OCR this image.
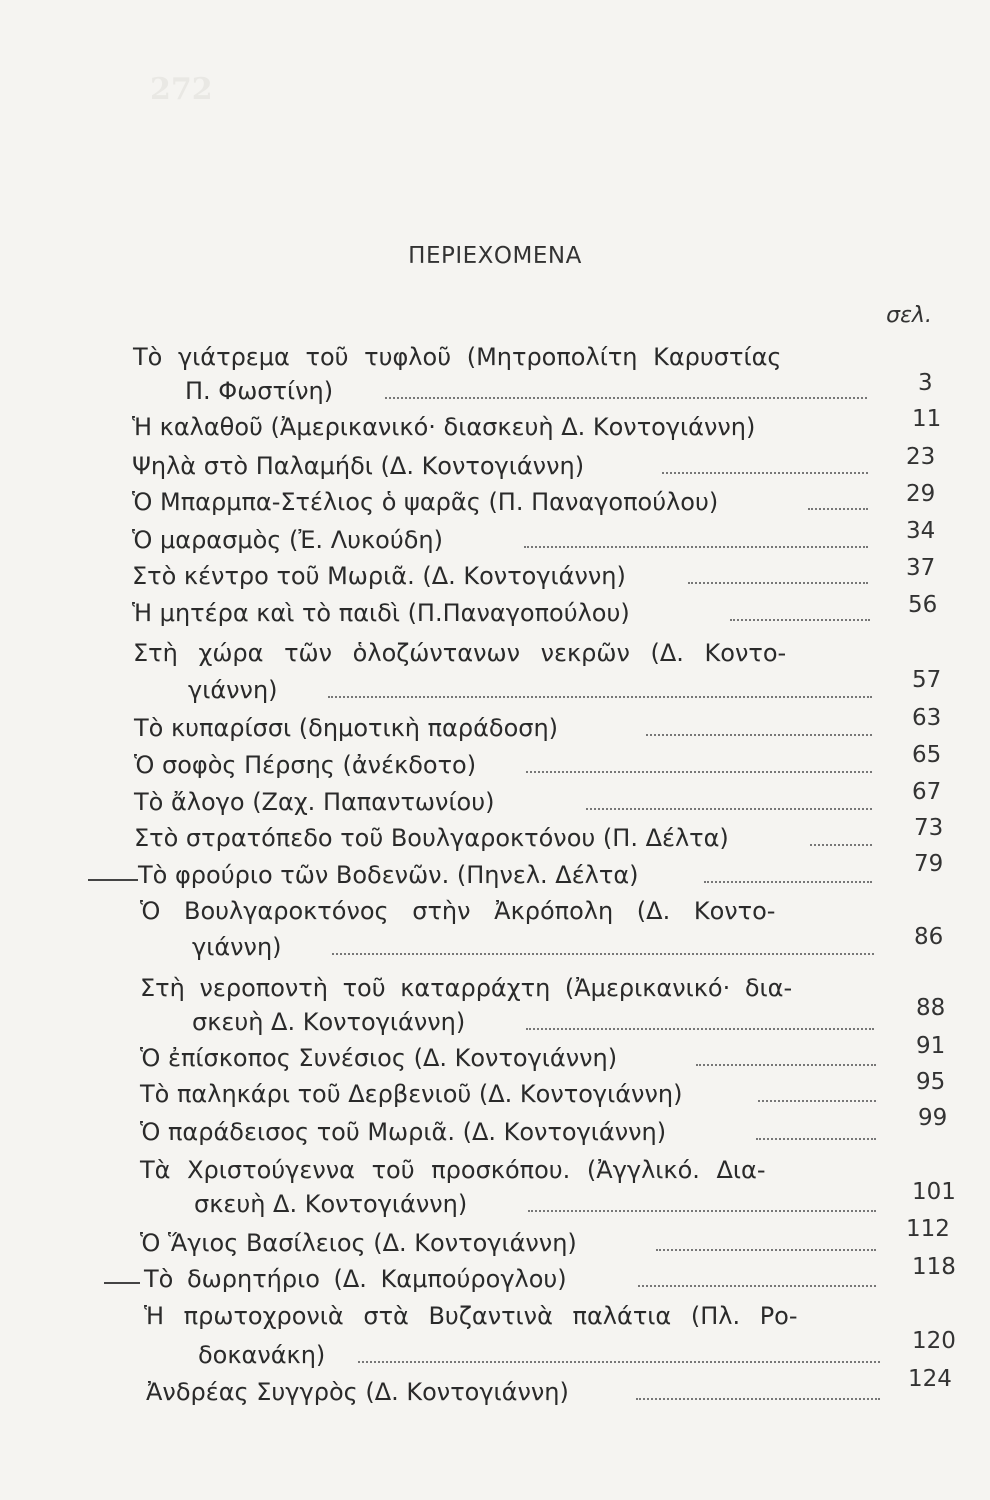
272
ΠΕΡΙΕΧΟΜΕΝΑ
σελ.
Τὸ γιάτρεμα τοῦ τυφλοῦ (Μητροπολίτη Καρυστίας
Π. Φωστίνη)	3
Ἡ καλαθοῦ (Ἀμερικανικό· διασκευὴ Δ. Κοντογιάννη)	11
Ψηλὰ στὸ Παλαμήδι (Δ. Κοντογιάννη)	23
Ὁ Μπαρμπα-Στέλιος ὁ ψαρᾶς (Π. Παναγοπούλου)	29
Ὁ μαρασμὸς (Ἐ. Λυκούδη)	34
Στὸ κέντρο τοῦ Μωριᾶ. (Δ. Κοντογιάννη)	37
Ἡ μητέρα καὶ τὸ παιδὶ (Π.Παναγοπούλου)	56
Στὴ χώρα τῶν ὁλοζώντανων νεκρῶν (Δ. Κοντο-
γιάννη)	57
Τὸ κυπαρίσσι (δημοτικὴ παράδοση)	63
Ὁ σοφὸς Πέρσης (ἀνέκδοτο)	65
Τὸ ἄλογο (Ζαχ. Παπαντωνίου)	67
Στὸ στρατόπεδο τοῦ Βουλγαροκτόνου (Π. Δέλτα)	73
Τὸ φρούριο τῶν Βοδενῶν. (Πηνελ. Δέλτα)	79
Ὁ Βουλγαροκτόνος στὴν Ἀκρόπολη (Δ. Κοντο-
γιάννη)	86
Στὴ νεροποντὴ τοῦ καταρράχτη (Ἀμερικανικό· δια-
σκευὴ Δ. Κοντογιάννη)	88
Ὁ ἐπίσκοπος Συνέσιος (Δ. Κοντογιάννη)	91
Τὸ παληκάρι τοῦ Δερβενιοῦ (Δ. Κοντογιάννη)	95
Ὁ παράδεισος τοῦ Μωριᾶ. (Δ. Κοντογιάννη)	99
Τὰ Χριστούγεννα τοῦ προσκόπου. (Ἀγγλικό. Δια-
σκευὴ Δ. Κοντογιάννη)	101
Ὁ Ἅγιος Βασίλειος (Δ. Κοντογιάννη)	112
Τὸ δωρητήριο (Δ. Καμπούρογλου)	118
Ἡ πρωτοχρονιὰ στὰ Βυζαντινὰ παλάτια (Πλ. Ρο-
δοκανάκη)	120
Ἀνδρέας Συγγρὸς (Δ. Κοντογιάννη)	124
